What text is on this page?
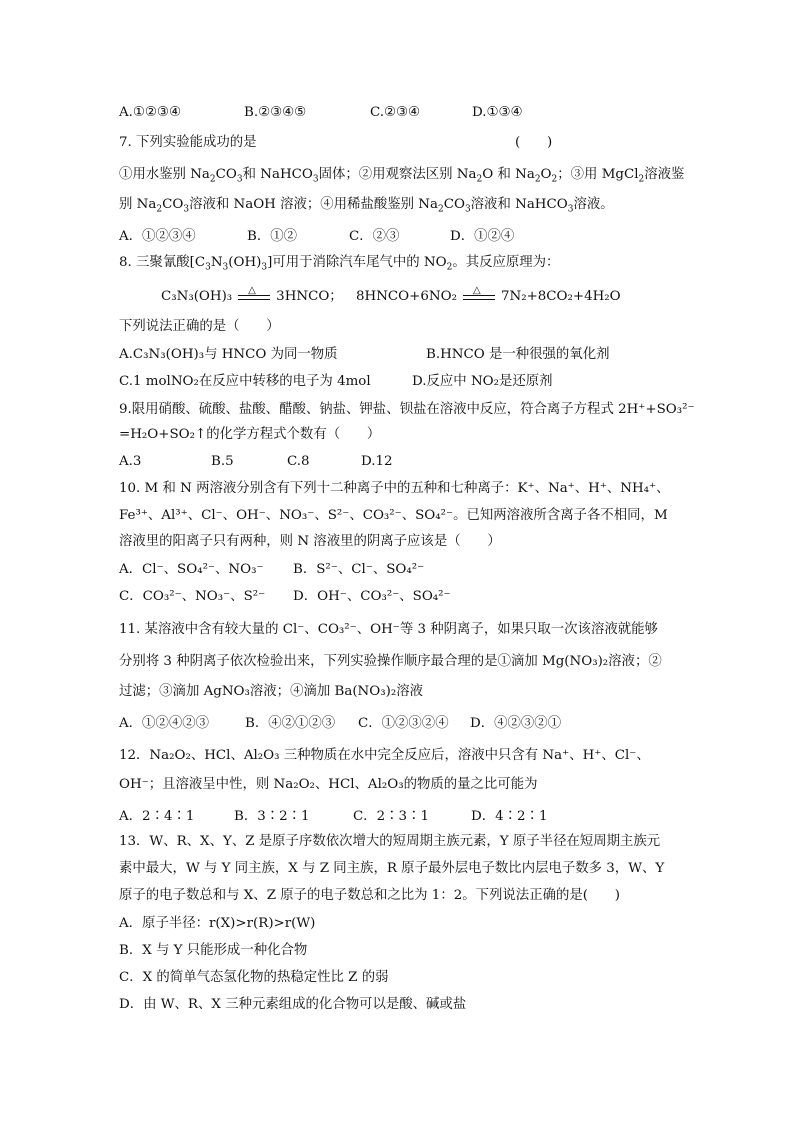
A.①②③④	B.②③④⑤	C.②③④	D.①③④
7. 下列实验能成功的是	(　　)
①用水鉴别 $Na_2CO_3$和 NaHCO$_3$固体；②用观察法区别 $Na_2O$ 和 $Na_2O_2$；③用 MgCl$_2$溶液鉴
别 $Na_2CO_3$溶液和 NaOH 溶液；④用稀盐酸鉴别 $Na_2CO_3$溶液和 NaHCO$_3$溶液。
A．①②③④	B．①②	C．②③	D．①②④
8. 三聚氰酸$[C_3N_3(OH)_3]$可用于消除汽车尾气中的 $NO_2$。其反应原理为：
C₃N₃(OH)₃ △ 3HNCO； 8HNCO+6NO₂ △ 7N₂+8CO₂+4H₂O
下列说法正确的是（　　）
A.C₃N₃(OH)₃与 HNCO 为同一物质	B.HNCO 是一种很强的氧化剂
C.1 molNO₂在反应中转移的电子为 4mol	D.反应中 NO₂是还原剂
9.限用硝酸、硫酸、盐酸、醋酸、钠盐、钾盐、钡盐在溶液中反应，符合离子方程式 2H⁺+SO₃²⁻
=H₂O+SO₂↑的化学方程式个数有（　　）
A.3	B.5	C.8	D.12
10. M 和 N 两溶液分别含有下列十二种离子中的五种和七种离子：K⁺、Na⁺、H⁺、NH₄⁺、
Fe³⁺、Al³⁺、Cl⁻、OH⁻、NO₃⁻、S²⁻、CO₃²⁻、SO₄²⁻。已知两溶液所含离子各不相同，M
溶液里的阳离子只有两种，则 N 溶液里的阴离子应该是（　　）
A．Cl⁻、SO₄²⁻、NO₃⁻ B．S²⁻、Cl⁻、SO₄²⁻
C．CO₃²⁻、NO₃⁻、S²⁻ D．OH⁻、CO₃²⁻、SO₄²⁻
11. 某溶液中含有较大量的 Cl⁻、CO₃²⁻、OH⁻等 3 种阴离子，如果只取一次该溶液就能够
分别将 3 种阴离子依次检验出来，下列实验操作顺序最合理的是①滴加 Mg(NO₃)₂溶液；②
过滤；③滴加 AgNO₃溶液；④滴加 Ba(NO₃)₂溶液
A．①②④②③	B．④②①②③ C．①②③②④ D．④②③②①
12．Na₂O₂、HCl、Al₂O₃ 三种物质在水中完全反应后，溶液中只含有 Na⁺、H⁺、Cl⁻、
OH⁻；且溶液呈中性，则 Na₂O₂、HCl、Al₂O₃的物质的量之比可能为
A．2∶4∶1	B．3∶2∶1	C．2∶3∶1	D．4∶2∶1
13．W、R、X、Y、Z 是原子序数依次增大的短周期主族元素，Y 原子半径在短周期主族元
素中最大，W 与 Y 同主族，X 与 Z 同主族，R 原子最外层电子数比内层电子数多 3，W、Y
原子的电子数总和与 X、Z 原子的电子数总和之比为 1：2。下列说法正确的是(　　)
A．原子半径：r(X)>r(R)>r(W)
B．X 与 Y 只能形成一种化合物
C．X 的简单气态氢化物的热稳定性比 Z 的弱
D．由 W、R、X 三种元素组成的化合物可以是酸、碱或盐
